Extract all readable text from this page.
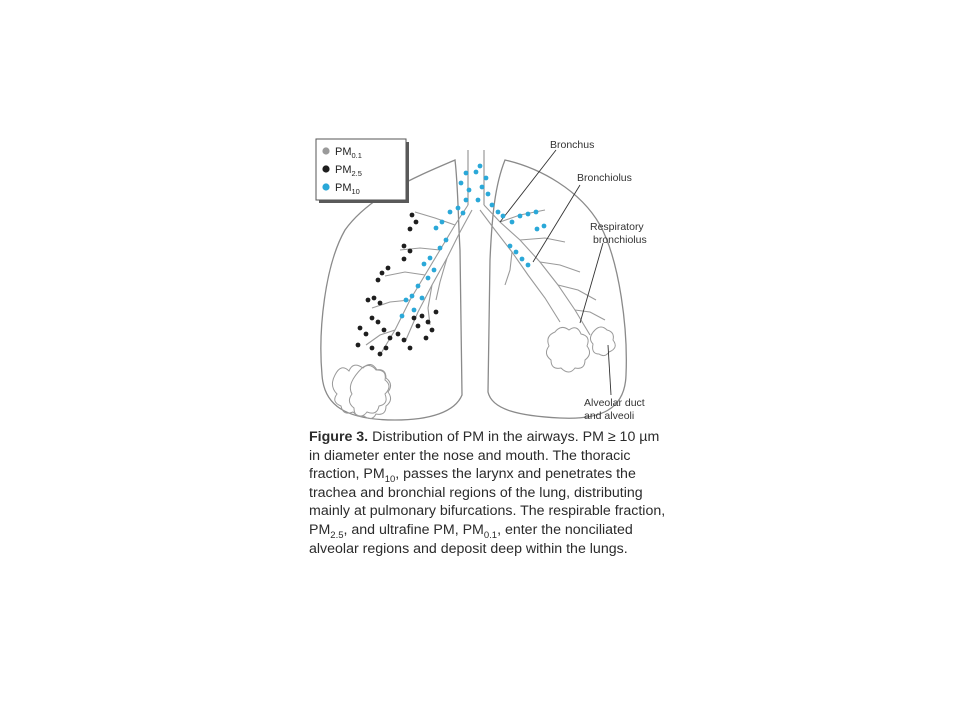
$PM_{0.1}$
$PM_{2.5}$
$PM_{10}$
Bronchus
Bronchiolus
Respiratory
bronchiolus
Alveolar duct
and alveoli

Figure 3. Distribution of PM in the airways. PM ≥ 10 µm in diameter enter the nose and mouth. The thoracic fraction, $PM_{10}$, passes the larynx and penetrates the trachea and bronchial regions of the lung, distributing mainly at pulmonary bifurcations. The respirable fraction, $PM_{2.5}$, and ultrafine PM, $PM_{0.1}$, enter the nonciliated alveolar regions and deposit deep within the lungs.
